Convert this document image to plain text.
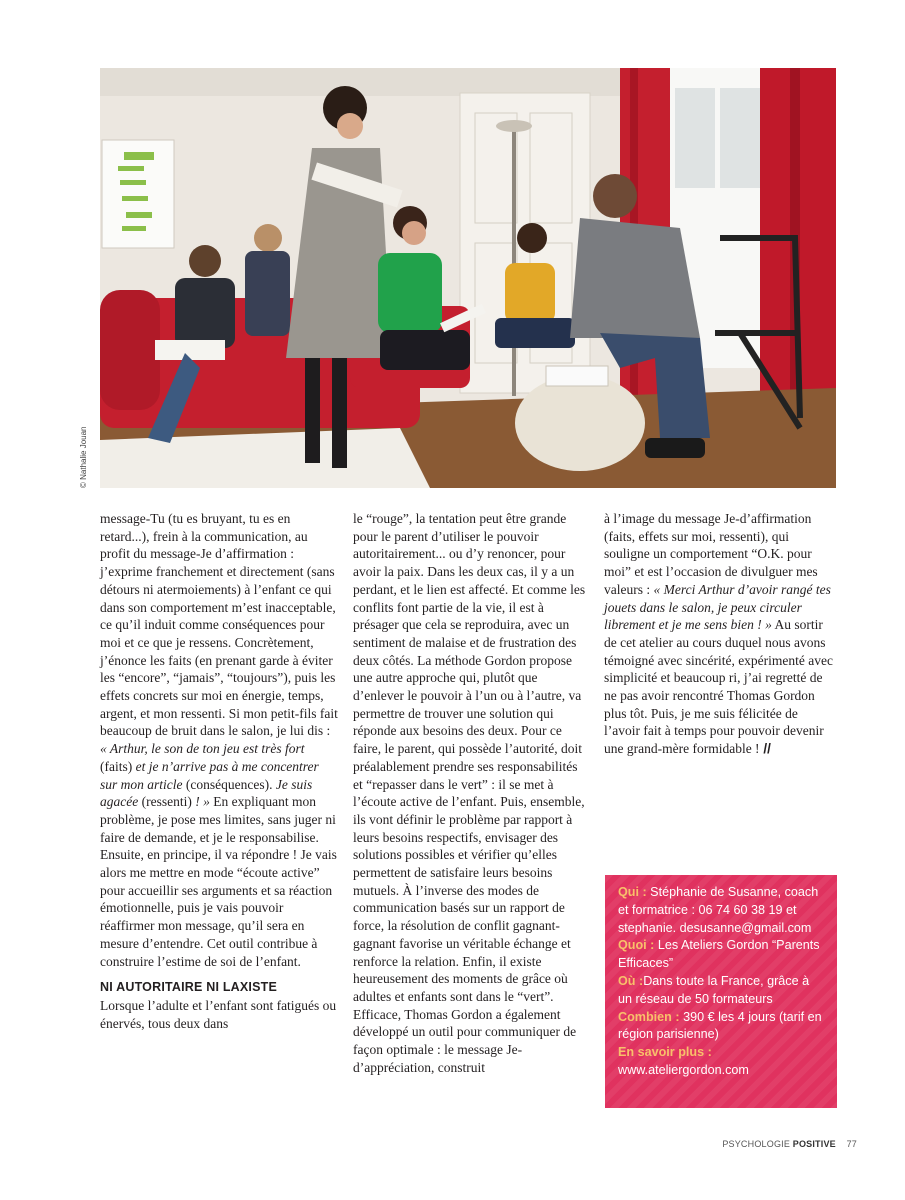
© Nathalie Jouan

message-Tu (tu es bruyant, tu es en retard...), frein à la communication, au profit du message-Je d’affirmation : j’exprime franchement et directement (sans détours ni atermoiements) à l’enfant ce qui dans son comportement m’est inacceptable, ce qu’il induit comme conséquences pour moi et ce que je ressens. Concrètement, j’énonce les faits (en prenant garde à éviter les “encore”, “jamais”, “toujours”), puis les effets concrets sur moi en énergie, temps, argent, et mon ressenti. Si mon petit-fils fait beaucoup de bruit dans le salon, je lui dis : « Arthur, le son de ton jeu est très fort (faits) et je n’arrive pas à me concentrer sur mon article (conséquences). Je suis agacée (ressenti) ! » En expliquant mon problème, je pose mes limites, sans juger ni faire de demande, et je le responsabilise. Ensuite, en principe, il va répondre ! Je vais alors me mettre en mode “écoute active” pour accueillir ses arguments et sa réaction émotionnelle, puis je vais pouvoir réaffirmer mon message, qu’il sera en mesure d’entendre. Cet outil contribue à construire l’estime de soi de l’enfant.

NI AUTORITAIRE NI LAXISTE

Lorsque l’adulte et l’enfant sont fatigués ou énervés, tous deux dans

le “rouge”, la tentation peut être grande pour le parent d’utiliser le pouvoir autoritairement... ou d’y renoncer, pour avoir la paix. Dans les deux cas, il y a un perdant, et le lien est affecté. Et comme les conflits font partie de la vie, il est à présager que cela se reproduira, avec un sentiment de malaise et de frustration des deux côtés. La méthode Gordon propose une autre approche qui, plutôt que d’enlever le pouvoir à l’un ou à l’autre, va permettre de trouver une solution qui réponde aux besoins des deux. Pour ce faire, le parent, qui possède l’autorité, doit préalablement prendre ses responsabilités et “repasser dans le vert” : il se met à l’écoute active de l’enfant. Puis, ensemble, ils vont définir le problème par rapport à leurs besoins respectifs, envisager des solutions possibles et vérifier qu’elles permettent de satisfaire leurs besoins mutuels. À l’inverse des modes de communication basés sur un rapport de force, la résolution de conflit gagnant-gagnant favorise un véritable échange et renforce la relation. Enfin, il existe heureusement des moments de grâce où adultes et enfants sont dans le “vert”. Efficace, Thomas Gordon a également développé un outil pour communiquer de façon optimale : le message Je-d’appréciation, construit

à l’image du message Je-d’affirmation (faits, effets sur moi, ressenti), qui souligne un comportement “O.K. pour moi” et est l’occasion de divulguer mes valeurs : « Merci Arthur d’avoir rangé tes jouets dans le salon, je peux circuler librement et je me sens bien ! » Au sortir de cet atelier au cours duquel nous avons témoigné avec sincérité, expérimenté avec simplicité et beaucoup ri, j’ai regretté de ne pas avoir rencontré Thomas Gordon plus tôt. Puis, je me suis félicitée de l’avoir fait à temps pour pouvoir devenir une grand-mère formidable ! //

Qui : Stéphanie de Susanne, coach et formatrice : 06 74 60 38 19 et stephanie. desusanne@gmail.com
Quoi : Les Ateliers Gordon “Parents Efficaces”
Où :Dans toute la France, grâce à un réseau de 50 formateurs
Combien : 390 € les 4 jours (tarif en région parisienne)
En savoir plus :
www.ateliergordon.com
PSYCHOLOGIE POSITIVE 77
